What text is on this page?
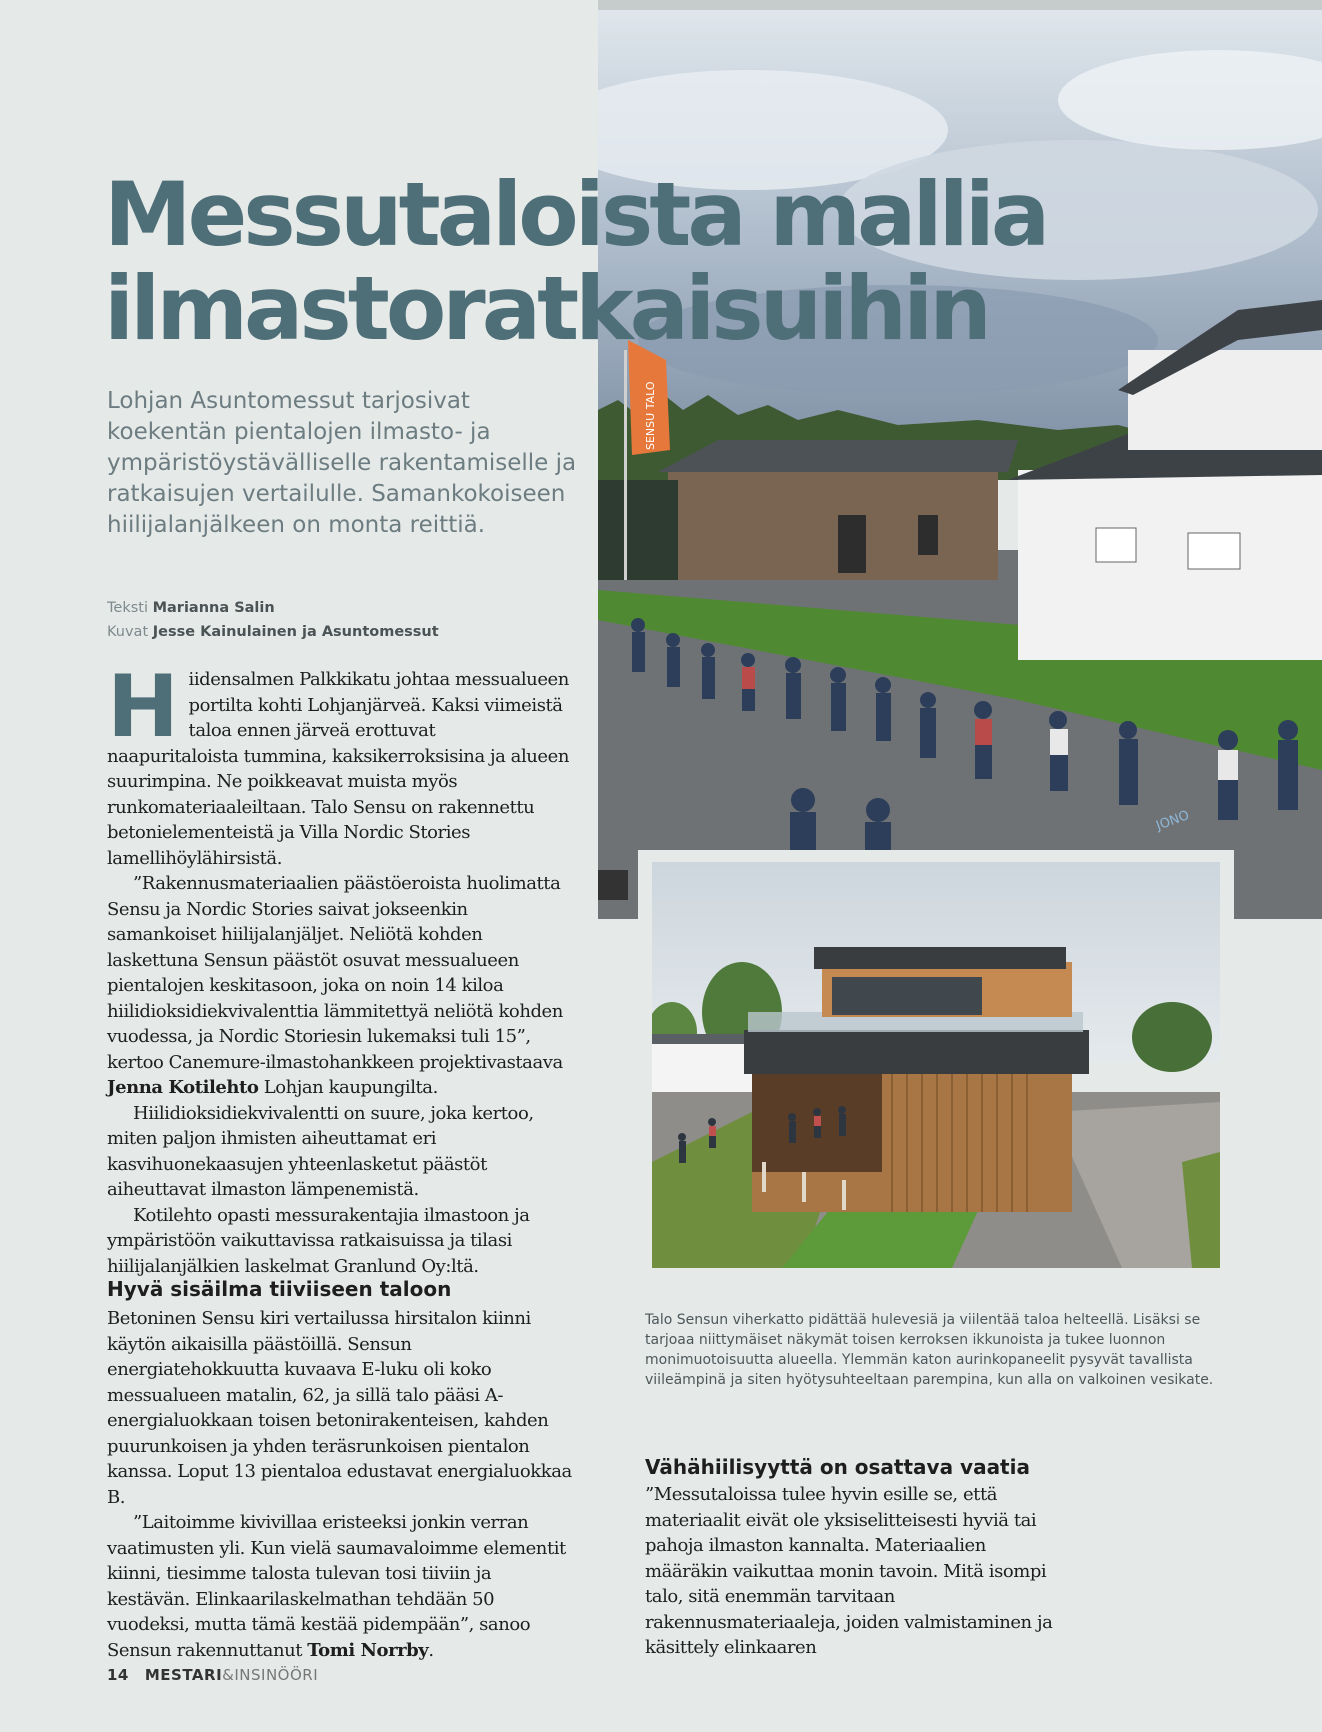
SENSU TALO
JONO
Messutaloista mallia
ilmastoratkaisuihin

Lohjan Asuntomessut tarjosivat koekentän pientalojen ilmasto- ja ympäristöystävälliselle rakentamiselle ja ratkaisujen vertailulle. Samankokoiseen hiilijalanjälkeen on monta reittiä.

Teksti Marianna Salin
Kuvat Jesse Kainulainen ja Asuntomessut

Hiidensalmen Palkkikatu johtaa messualueen portilta kohti Lohjanjärveä. Kaksi viimeistä taloa ennen järveä erottuvat naapuritaloista tummina, kaksikerroksisina ja alueen suurimpina. Ne poikkeavat muista myös runkomateriaaleiltaan. Talo Sensu on rakennettu betonielementeistä ja Villa Nordic Stories lamellihöylähirsistä.

”Rakennusmateriaalien päästöeroista huolimatta Sensu ja Nordic Stories saivat jokseenkin samankoiset hiilijalanjäljet. Neliötä kohden laskettuna Sensun päästöt osuvat messualueen pientalojen keskitasoon, joka on noin 14 kiloa hiilidioksidiekvivalenttia lämmitettyä neliötä kohden vuodessa, ja Nordic Storiesin lukemaksi tuli 15”, kertoo Canemure-ilmastohankkeen projektivastaava Jenna Kotilehto Lohjan kaupungilta.

Hiilidioksidiekvivalentti on suure, joka kertoo, miten paljon ihmisten aiheuttamat eri kasvihuonekaasujen yhteenlasketut päästöt aiheuttavat ilmaston lämpenemistä.

Kotilehto opasti messurakentajia ilmastoon ja ympäristöön vaikuttavissa ratkaisuissa ja tilasi hiilijalanjälkien laskelmat Granlund Oy:ltä.

Hyvä sisäilma tiiviiseen taloon

Betoninen Sensu kiri vertailussa hirsitalon kiinni käytön aikaisilla päästöillä. Sensun energiatehokkuutta kuvaava E-luku oli koko messualueen matalin, 62, ja sillä talo pääsi A-energialuokkaan toisen betonirakenteisen, kahden puurunkoisen ja yhden teräsrunkoisen pientalon kanssa. Loput 13 pientaloa edustavat energialuokkaa B.

”Laitoimme kivivillaa eristeeksi jonkin verran vaatimusten yli. Kun vielä saumavaloimme elementit kiinni, tiesimme talosta tulevan tosi tiiviin ja kestävän. Elinkaarilaskelmathan tehdään 50 vuodeksi, mutta tämä kestää pidempään”, sanoo Sensun rakennuttanut Tomi Norrby.

Talo Sensun viherkatto pidättää hulevesiä ja viilentää taloa helteellä. Lisäksi se tarjoaa niittymäiset näkymät toisen kerroksen ikkunoista ja tukee luonnon monimuotoisuutta alueella. Ylemmän katon aurinkopaneelit pysyvät tavallista viileämpinä ja siten hyötysuhteeltaan parempina, kun alla on valkoinen vesikate.

Vähähiilisyyttä on osattava vaatia

”Messutaloissa tulee hyvin esille se, että materiaalit eivät ole yksiselitteisesti hyviä tai pahoja ilmaston kannalta. Materiaalien määräkin vaikuttaa monin tavoin. Mitä isompi talo, sitä enemmän tarvitaan rakennusmateriaaleja, joiden valmistaminen ja käsittely elinkaaren

14 MESTARI&INSINÖÖRI
